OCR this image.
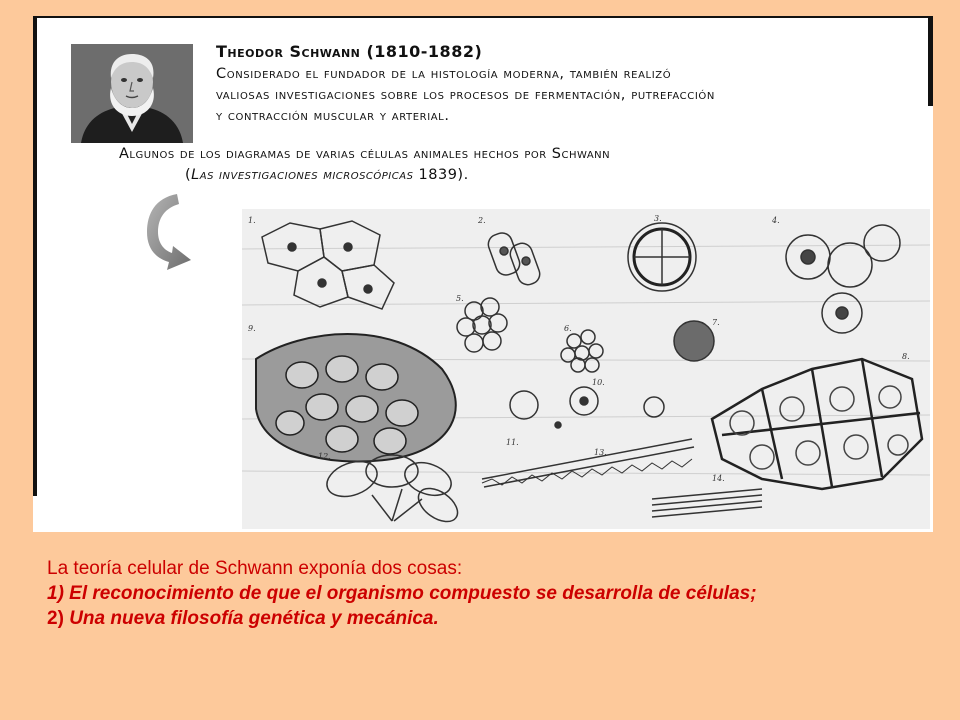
Theodor Schwann (1810-1882)
Considerado el fundador de la histología moderna, también realizó
valiosas investigaciones sobre los procesos de fermentación, putrefacción
y contracción muscular y arterial.
Algunos de los diagramas de varias células animales hechos por Schwann
(Las investigaciones microscópicas 1839).
1.	2.	3.	4.
5.
6.
7.
8.
9.
10.
11.
12.	13.
14.

La teoría celular de Schwann exponía dos cosas:

1) El reconocimiento de que el organismo compuesto se desarrolla de células;

2) Una nueva filosofía genética y mecánica.
